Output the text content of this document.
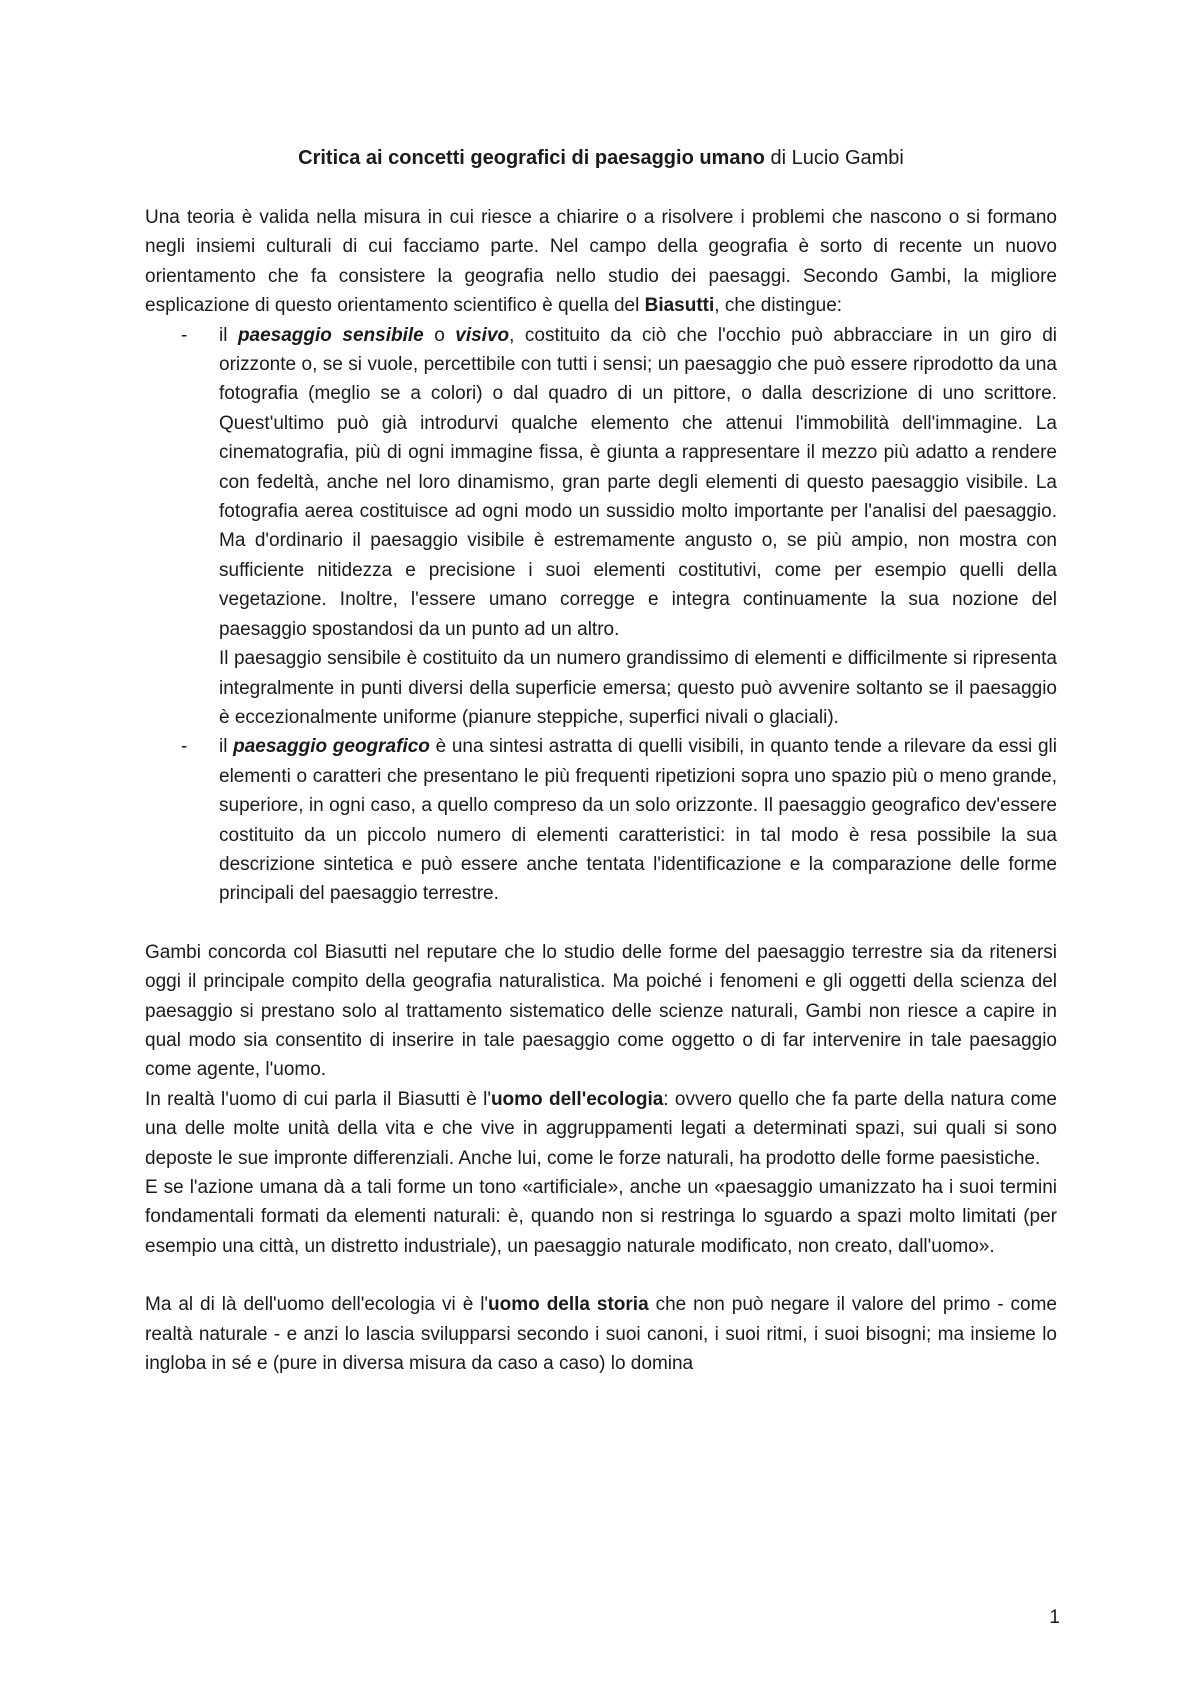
Critica ai concetti geografici di paesaggio umano di Lucio Gambi

Una teoria è valida nella misura in cui riesce a chiarire o a risolvere i problemi che nascono o si formano negli insiemi culturali di cui facciamo parte. Nel campo della geografia è sorto di recente un nuovo orientamento che fa consistere la geografia nello studio dei paesaggi. Secondo Gambi, la migliore esplicazione di questo orientamento scientifico è quella del Biasutti, che distingue:

- il paesaggio sensibile o visivo, costituito da ciò che l'occhio può abbracciare in un giro di orizzonte o, se si vuole, percettibile con tutti i sensi; un paesaggio che può essere riprodotto da una fotografia (meglio se a colori) o dal quadro di un pittore, o dalla descrizione di uno scrittore. Quest'ultimo può già introdurvi qualche elemento che attenui l'immobilità dell'immagine. La cinematografia, più di ogni immagine fissa, è giunta a rappresentare il mezzo più adatto a rendere con fedeltà, anche nel loro dinamismo, gran parte degli elementi di questo paesaggio visibile. La fotografia aerea costituisce ad ogni modo un sussidio molto importante per l'analisi del paesaggio. Ma d'ordinario il paesaggio visibile è estremamente angusto o, se più ampio, non mostra con sufficiente nitidezza e precisione i suoi elementi costitutivi, come per esempio quelli della vegetazione. Inoltre, l'essere umano corregge e integra continuamente la sua nozione del paesaggio spostandosi da un punto ad un altro.

Il paesaggio sensibile è costituito da un numero grandissimo di elementi e difficilmente si ripresenta integralmente in punti diversi della superficie emersa; questo può avvenire soltanto se il paesaggio è eccezionalmente uniforme (pianure steppiche, superfici nivali o glaciali).

- il paesaggio geografico è una sintesi astratta di quelli visibili, in quanto tende a rilevare da essi gli elementi o caratteri che presentano le più frequenti ripetizioni sopra uno spazio più o meno grande, superiore, in ogni caso, a quello compreso da un solo orizzonte. Il paesaggio geografico dev'essere costituito da un piccolo numero di elementi caratteristici: in tal modo è resa possibile la sua descrizione sintetica e può essere anche tentata l'identificazione e la comparazione delle forme principali del paesaggio terrestre.

Gambi concorda col Biasutti nel reputare che lo studio delle forme del paesaggio terrestre sia da ritenersi oggi il principale compito della geografia naturalistica. Ma poiché i fenomeni e gli oggetti della scienza del paesaggio si prestano solo al trattamento sistematico delle scienze naturali, Gambi non riesce a capire in qual modo sia consentito di inserire in tale paesaggio come oggetto o di far intervenire in tale paesaggio come agente, l'uomo.

In realtà l'uomo di cui parla il Biasutti è l'uomo dell'ecologia: ovvero quello che fa parte della natura come una delle molte unità della vita e che vive in aggruppamenti legati a determinati spazi, sui quali si sono deposte le sue impronte differenziali. Anche lui, come le forze naturali, ha prodotto delle forme paesistiche.

E se l'azione umana dà a tali forme un tono «artificiale», anche un «paesaggio umanizzato ha i suoi termini fondamentali formati da elementi naturali: è, quando non si restringa lo sguardo a spazi molto limitati (per esempio una città, un distretto industriale), un paesaggio naturale modificato, non creato, dall'uomo».

Ma al di là dell'uomo dell'ecologia vi è l'uomo della storia che non può negare il valore del primo - come realtà naturale - e anzi lo lascia svilupparsi secondo i suoi canoni, i suoi ritmi, i suoi bisogni; ma insieme lo ingloba in sé e (pure in diversa misura da caso a caso) lo domina

1
